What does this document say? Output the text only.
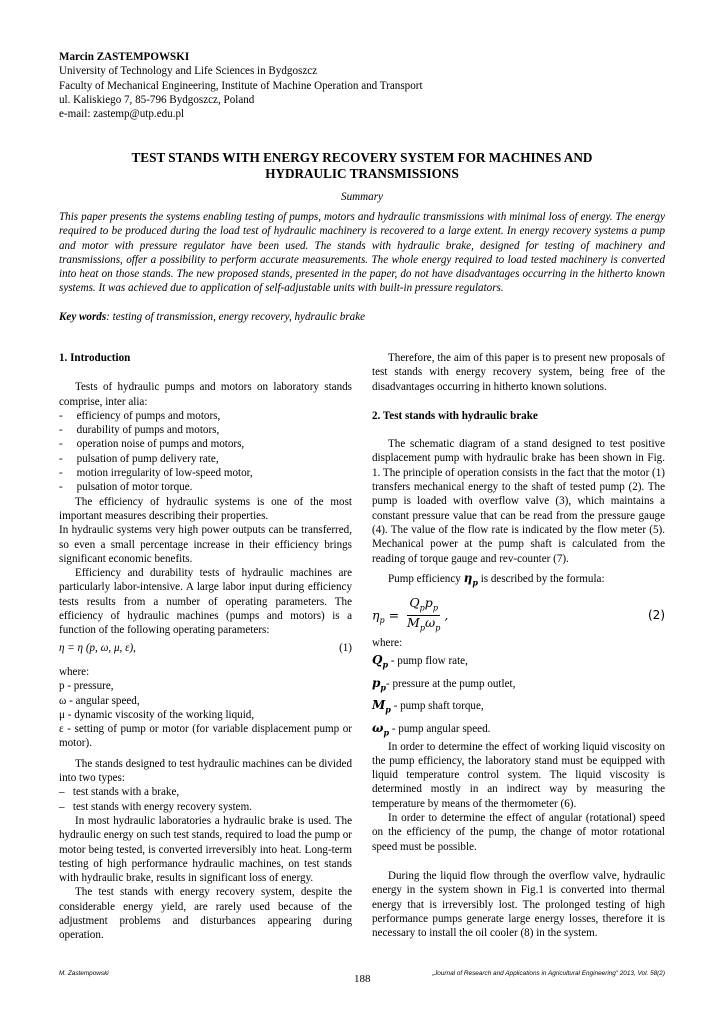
Marcin ZASTEMPOWSKI
University of Technology and Life Sciences in Bydgoszcz
Faculty of Mechanical Engineering, Institute of Machine Operation and Transport
ul. Kaliskiego 7, 85-796 Bydgoszcz, Poland
e-mail: zastemp@utp.edu.pl
TEST STANDS WITH ENERGY RECOVERY SYSTEM FOR MACHINES AND
HYDRAULIC TRANSMISSIONS
Summary
This paper presents the systems enabling testing of pumps, motors and hydraulic transmissions with minimal loss of energy. The energy required to be produced during the load test of hydraulic machinery is recovered to a large extent. In energy recovery systems a pump and motor with pressure regulator have been used. The stands with hydraulic brake, designed for testing of machinery and transmissions, offer a possibility to perform accurate measurements. The whole energy required to load tested machinery is converted into heat on those stands. The new proposed stands, presented in the paper, do not have disadvantages occurring in the hitherto known systems. It was achieved due to application of self-adjustable units with built-in pressure regulators.
Key words: testing of transmission, energy recovery, hydraulic brake

1. Introduction

Tests of hydraulic pumps and motors on laboratory stands comprise, inter alia:

-     efficiency of pumps and motors,

-     durability of pumps and motors,

-     operation noise of pumps and motors,

-     pulsation of pump delivery rate,

-     motion irregularity of low-speed motor,

-     pulsation of motor torque.

The efficiency of hydraulic systems is one of the most important measures describing their properties.

In hydraulic systems very high power outputs can be transferred, so even a small percentage increase in their efficiency brings significant economic benefits.

Efficiency and durability tests of hydraulic machines are particularly labor-intensive. A large labor input during efficiency tests results from a number of operating parameters. The efficiency of hydraulic machines (pumps and motors) is a function of the following operating parameters:

η = η (p, ω, μ, ε),	(1)

where:

p - pressure,

ω - angular speed,

μ - dynamic viscosity of the working liquid,

ε - setting of pump or motor (for variable displacement pump or motor).

The stands designed to test hydraulic machines can be divided into two types:

–   test stands with a brake,

–   test stands with energy recovery system.

In most hydraulic laboratories a hydraulic brake is used. The hydraulic energy on such test stands, required to load the pump or motor being tested, is converted irreversibly into heat. Long-term testing of high performance hydraulic machines, on test stands with hydraulic brake, results in significant loss of energy.

The test stands with energy recovery system, despite the considerable energy yield, are rarely used because of the adjustment problems and disturbances appearing during operation.

Therefore, the aim of this paper is to present new proposals of test stands with energy recovery system, being free of the disadvantages occurring in hitherto known solutions.

2. Test stands with hydraulic brake

The schematic diagram of a stand designed to test positive displacement pump with hydraulic brake has been shown in Fig. 1. The principle of operation consists in the fact that the motor (1) transfers mechanical energy to the shaft of tested pump (2). The pump is loaded with overflow valve (3), which maintains a constant pressure value that can be read from the pressure gauge (4). The value of the flow rate is indicated by the flow meter (5). Mechanical power at the pump shaft is calculated from the reading of torque gauge and rev-counter (7).

Pump efficiency $\eta_p$ is described by the formula:

$\eta_p = \frac{Q_pp_p}{M_p\omega_p}$ ,	(2)

where:

$Q_p$ - pump flow rate,

$p_p-$ pressure at the pump outlet,

$M_p$ - pump shaft torque,

$\omega_p$ - pump angular speed.

In order to determine the effect of working liquid viscosity on the pump efficiency, the laboratory stand must be equipped with liquid temperature control system. The liquid viscosity is determined mostly in an indirect way by measuring the temperature by means of the thermometer (6).

In order to determine the effect of angular (rotational) speed on the efficiency of the pump, the change of motor rotational speed must be possible.

During the liquid flow through the overflow valve, hydraulic energy in the system shown in Fig.1 is converted into thermal energy that is irreversibly lost. The prolonged testing of high performance pumps generate large energy losses, therefore it is necessary to install the oil cooler (8) in the system.

M. Zastempowski	„Journal of Research and Applications in Agricultural Engineering” 2013, Vol. 58(2)
188
